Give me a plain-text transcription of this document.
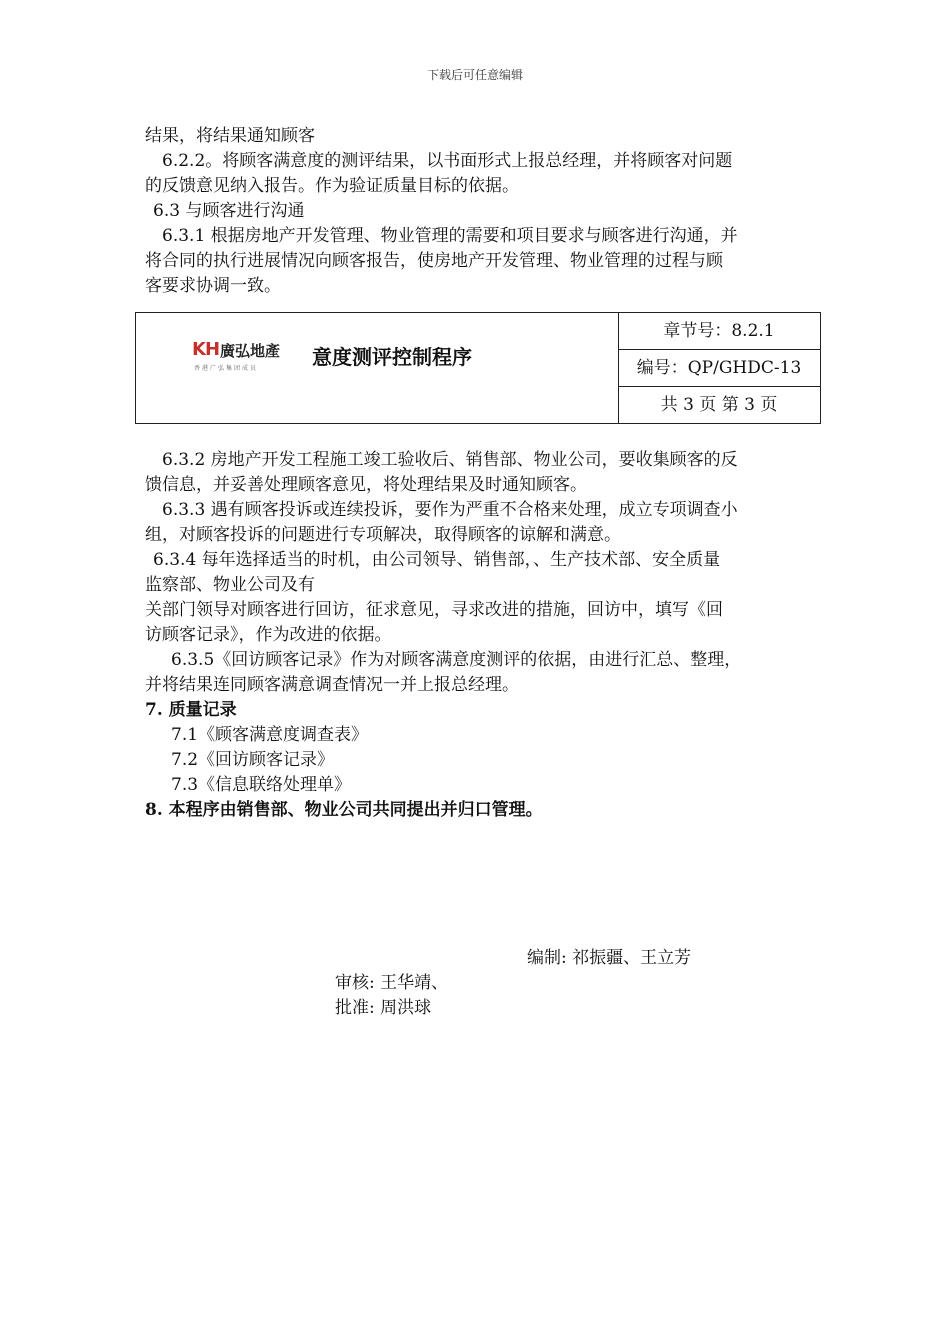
下载后可任意编辑

结果，将结果通知顾客

6.2.2。将顾客满意度的测评结果，以书面形式上报总经理，并将顾客对问题

的反馈意见纳入报告。作为验证质量目标的依据。

6.3 与顾客进行沟通

6.3.1 根据房地产开发管理、物业管理的需要和项目要求与顾客进行沟通，并

将合同的执行进展情况向顾客报告，使房地产开发管理、物业管理的过程与顾

客要求协调一致。

KH 廣弘地產
香港广弘集团成员	意度测评控制程序
章节号：8.2.1
编号：QP/GHDC-13
共 3 页 第 3 页

6.3.2 房地产开发工程施工竣工验收后、销售部、物业公司，要收集顾客的反

馈信息，并妥善处理顾客意见，将处理结果及时通知顾客。

6.3.3 遇有顾客投诉或连续投诉，要作为严重不合格来处理，成立专项调查小

组，对顾客投诉的问题进行专项解决，取得顾客的谅解和满意。

6.3.4 每年选择适当的时机，由公司领导、销售部，、生产技术部、安全质量

监察部、物业公司及有

关部门领导对顾客进行回访，征求意见，寻求改进的措施，回访中，填写《回

访顾客记录》，作为改进的依据。

6.3.5《回访顾客记录》作为对顾客满意度测评的依据，由进行汇总、整理，

并将结果连同顾客满意调查情况一并上报总经理。

7. 质量记录

7.1《顾客满意度调查表》

7.2《回访顾客记录》

7.3《信息联络处理单》

8. 本程序由销售部、物业公司共同提出并归口管理。

编制: 祁振疆、王立芳
审核: 王华靖、
批准: 周洪球
